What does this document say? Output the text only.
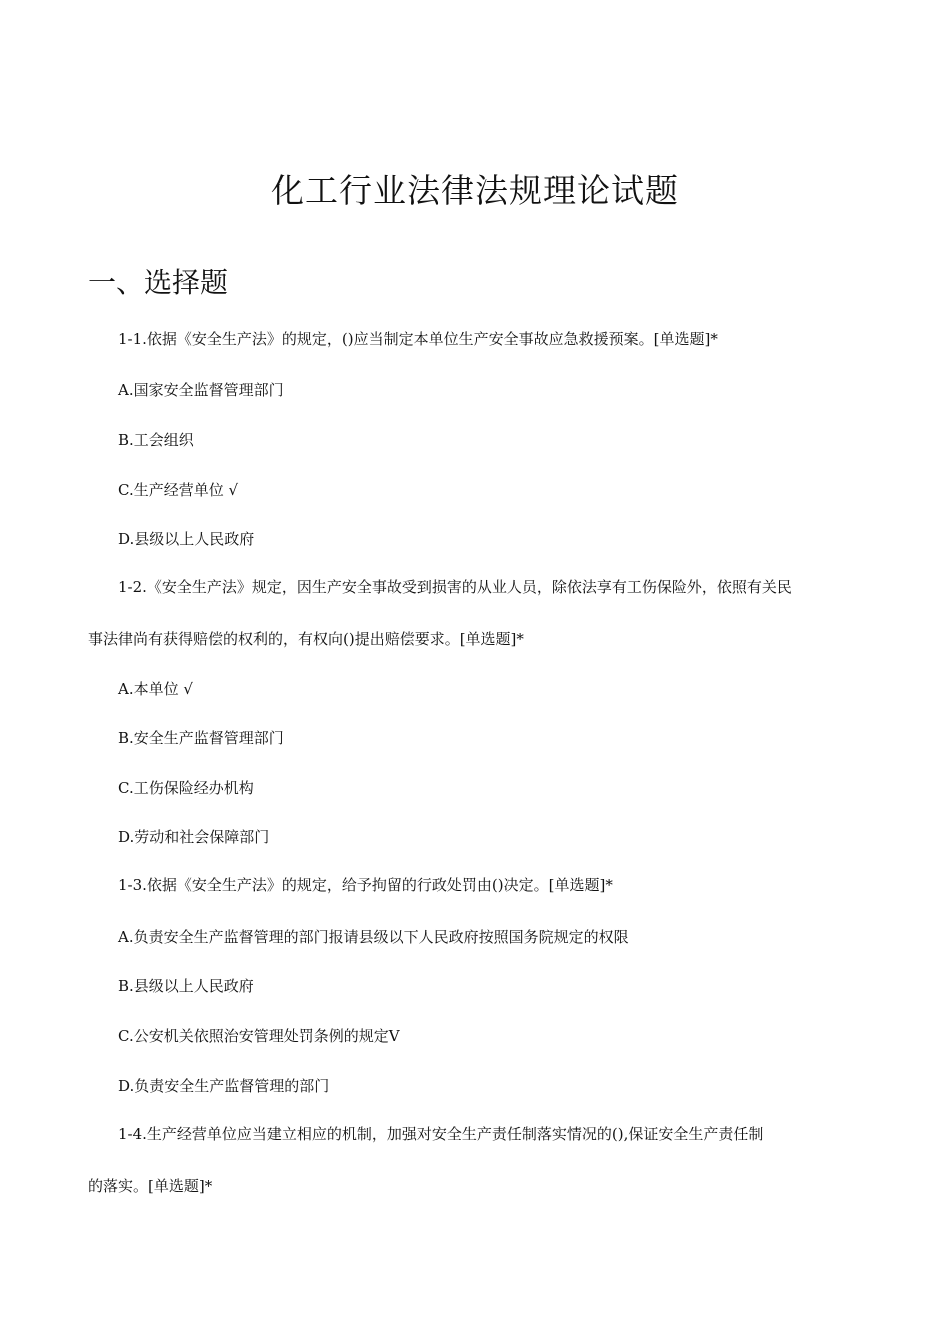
化工行业法律法规理论试题
一、选择题
1-1.依据《安全生产法》的规定，()应当制定本单位生产安全事故应急救援预案。[单选题]*
A.国家安全监督管理部门
B.工会组织
C.生产经营单位 √
D.县级以上人民政府
1-2.《安全生产法》规定，因生产安全事故受到损害的从业人员，除依法享有工伤保险外，依照有关民
事法律尚有获得赔偿的权利的，有权向()提出赔偿要求。[单选题]*
A.本单位 √
B.安全生产监督管理部门
C.工伤保险经办机构
D.劳动和社会保障部门
1-3.依据《安全生产法》的规定，给予拘留的行政处罚由()决定。[单选题]*
A.负责安全生产监督管理的部门报请县级以下人民政府按照国务院规定的权限
B.县级以上人民政府
C.公安机关依照治安管理处罚条例的规定V
D.负责安全生产监督管理的部门
1-4.生产经营单位应当建立相应的机制，加强对安全生产责任制落实情况的(),保证安全生产责任制
的落实。[单选题]*
